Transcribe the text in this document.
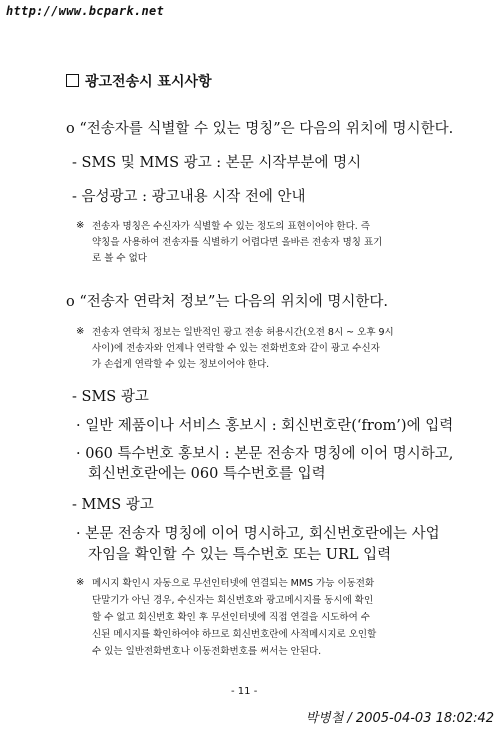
http://www.bcpark.net
광고전송시 표시사항
o “전송자를 식별할 수 있는 명칭”은 다음의 위치에 명시한다.
- SMS 및 MMS 광고 : 본문 시작부분에 명시
- 음성광고 : 광고내용 시작 전에 안내
※ 전송자 명칭은 수신자가 식별할 수 있는 정도의 표현이어야 한다. 즉
약칭을 사용하여 전송자를 식별하기 어렵다면 올바른 전송자 명칭 표기
로 볼 수 없다
o “전송자 연락처 정보”는 다음의 위치에 명시한다.
※ 전송자 연락처 정보는 일반적인 광고 전송 허용시간(오전 8시 ~ 오후 9시
사이)에 전송자와 언제나 연락할 수 있는 전화번호와 같이 광고 수신자
가 손쉽게 연락할 수 있는 정보이어야 한다.
- SMS 광고
· 일반 제품이나 서비스 홍보시 : 회신번호란(‘from’)에 입력
· 060 특수번호 홍보시 : 본문 전송자 명칭에 이어 명시하고,
회신번호란에는 060 특수번호를 입력
- MMS 광고
· 본문 전송자 명칭에 이어 명시하고, 회신번호란에는 사업
자임을 확인할 수 있는 특수번호 또는 URL 입력
※ 메시지 확인시 자동으로 무선인터넷에 연결되는 MMS 가능 이동전화
단말기가 아닌 경우, 수신자는 회신번호와 광고메시지를 동시에 확인
할 수 없고 회신번호 확인 후 무선인터넷에 직접 연결을 시도하여 수
신된 메시지를 확인하여야 하므로 회신번호란에 사적메시지로 오인할
수 있는 일반전화번호나 이동전화번호를 써서는 안된다.
- 11 -
박병철 / 2005-04-03 18:02:42
